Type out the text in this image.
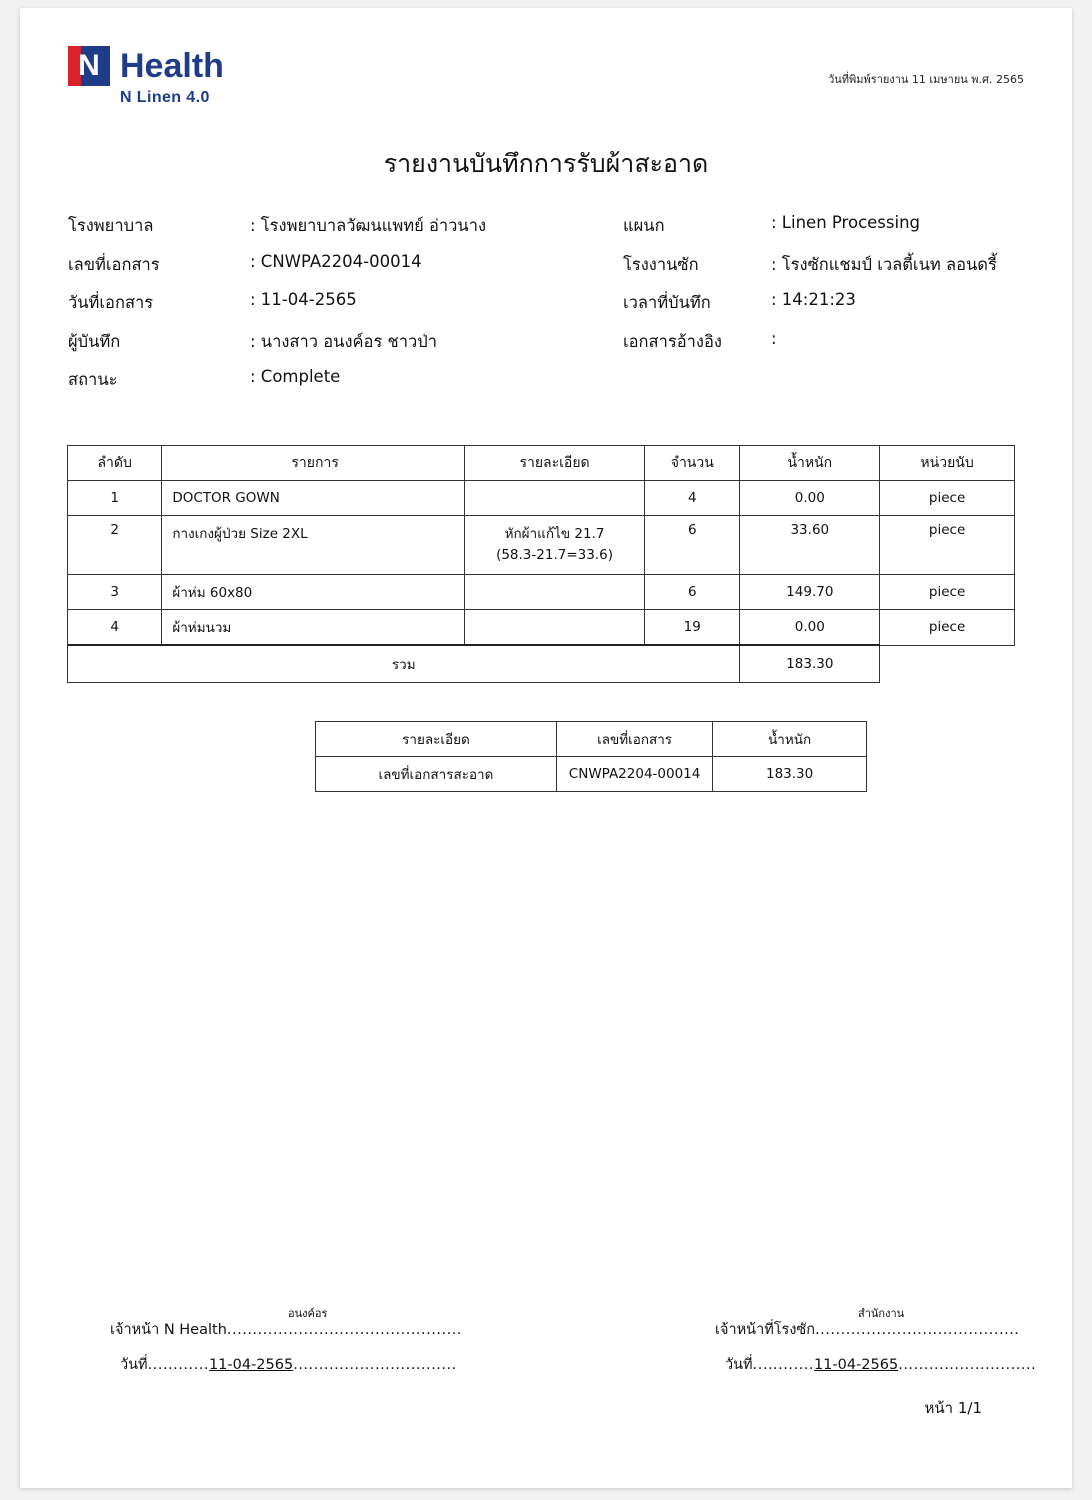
N Health
N Linen 4.0
วันที่พิมพ์รายงาน 11 เมษายน พ.ศ. 2565
รายงานบันทึกการรับผ้าสะอาด
โรงพยาบาล	: โรงพยาบาลวัฒนแพทย์ อ่าวนาง	แผนก	: Linen Processing
เลขที่เอกสาร	: CNWPA2204-00014	โรงงานซัก	: โรงซักแชมป์ เวลตี้เนท ลอนดรี้
วันที่เอกสาร	: 11-04-2565	เวลาที่บันทึก	: 14:21:23
ผู้บันทึก	: นางสาว อนงค์อร ชาวป่า	เอกสารอ้างอิง	:
สถานะ	: Complete
ลำดับ	รายการ	รายละเอียด	จำนวน	น้ำหนัก	หน่วยนับ
1	DOCTOR GOWN		4	0.00	piece
2	กางเกงผู้ป่วย Size 2XL	หักผ้าแก้ไข 21.7
(58.3-21.7=33.6)	6	33.60	piece
3	ผ้าห่ม 60x80		6	149.70	piece
4	ผ้าห่มนวม		19	0.00	piece
รวม				183.30	
รายละเอียด	เลขที่เอกสาร	น้ำหนัก
เลขที่เอกสารสะอาด	CNWPA2204-00014	183.30
อนงค์อร
เจ้าหน้า N Health..............................................
สำนักงาน
เจ้าหน้าที่โรงซัก........................................
วันที่............11-04-2565................................	วันที่............11-04-2565...........................
หน้า 1/1
